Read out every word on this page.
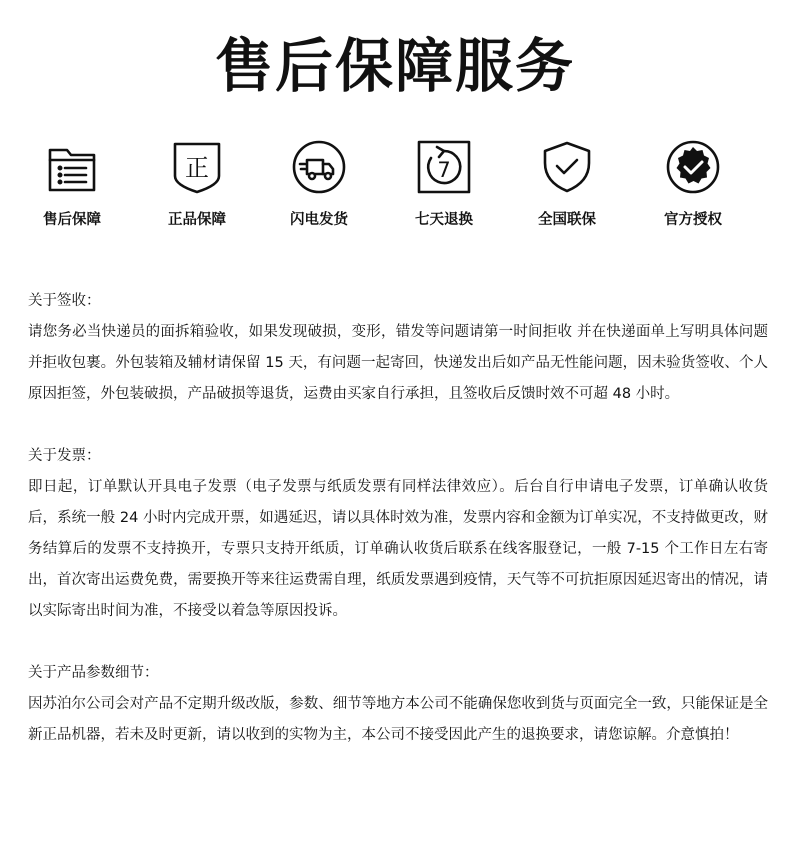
售后保障服务
售后保障
正
正品保障	闪电发货
7
七天退换	全国联保	官方授权
关于签收：
请您务必当快递员的面拆箱验收，如果发现破损，变形，错发等问题请第一时间拒收 并在快递面单上写明具体问题并拒收包裹。外包装箱及辅材请保留 15 天，有问题一起寄回，快递发出后如产品无性能问题，因未验货签收、个人原因拒签，外包装破损，产品破损等退货，运费由买家自行承担，且签收后反馈时效不可超 48 小时。
关于发票：
即日起，订单默认开具电子发票（电子发票与纸质发票有同样法律效应）。后台自行申请电子发票，订单确认收货后，系统一般 24 小时内完成开票，如遇延迟，请以具体时效为准，发票内容和金额为订单实况，不支持做更改，财务结算后的发票不支持换开，专票只支持开纸质，订单确认收货后联系在线客服登记，一般 7-15 个工作日左右寄出，首次寄出运费免费，需要换开等来往运费需自理，纸质发票遇到疫情，天气等不可抗拒原因延迟寄出的情况，请以实际寄出时间为准，不接受以着急等原因投诉。
关于产品参数细节：
因苏泊尔公司会对产品不定期升级改版，参数、细节等地方本公司不能确保您收到货与页面完全一致，只能保证是全新正品机器，若未及时更新，请以收到的实物为主，本公司不接受因此产生的退换要求，请您谅解。介意慎拍！
